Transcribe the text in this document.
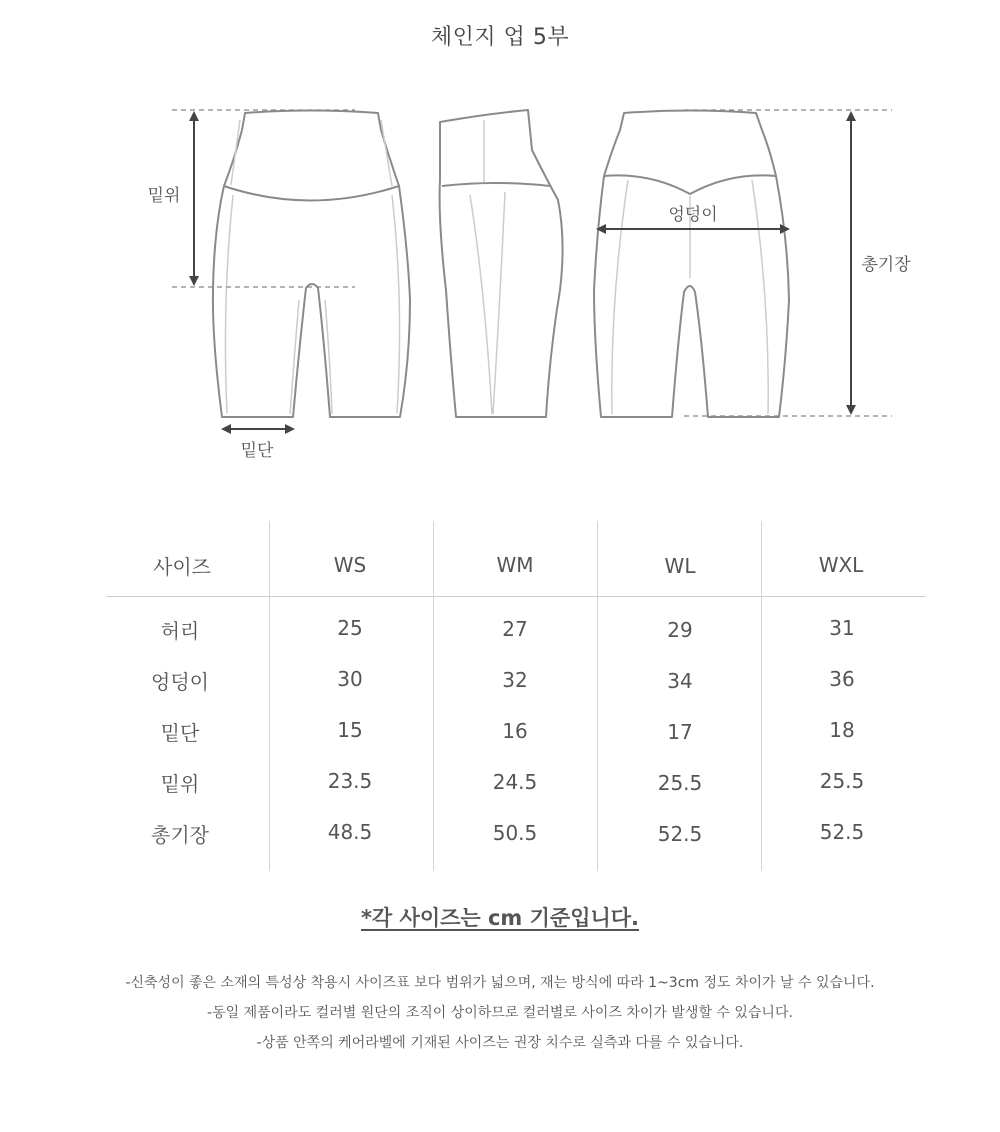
체인지 업 5부
밑위
밑단
엉덩이
총기장
사이즈	WS	WM	WL	WXL
허리	25	27	29	31
엉덩이	30	32	34	36
밑단	15	16	17	18
밑위	23.5	24.5	25.5	25.5
총기장	48.5	50.5	52.5	52.5
*각 사이즈는 cm 기준입니다.
-신축성이 좋은 소재의 특성상 착용시 사이즈표 보다 범위가 넓으며, 재는 방식에 따라 1~3cm 정도 차이가 날 수 있습니다.
-동일 제품이라도 컬러별 원단의 조직이 상이하므로 컬러별로 사이즈 차이가 발생할 수 있습니다.
-상품 안쪽의 케어라벨에 기재된 사이즈는 권장 치수로 실측과 다를 수 있습니다.
